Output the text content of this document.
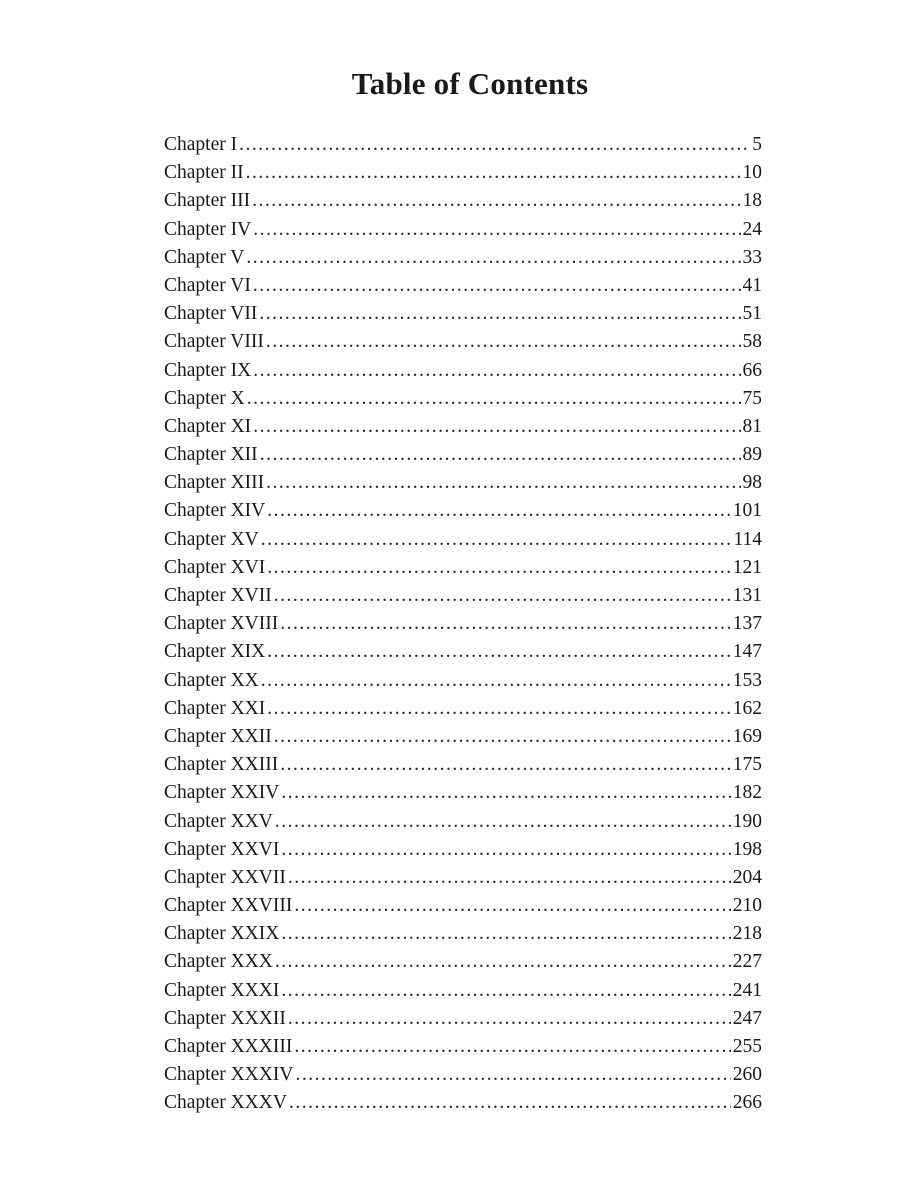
Table of Contents
Chapter I .....	5
Chapter II .....	10
Chapter III .....	18
Chapter IV .....	24
Chapter V .....	33
Chapter VI .....	41
Chapter VII .....	51
Chapter VIII .....	58
Chapter IX .....	66
Chapter X .....	75
Chapter XI .....	81
Chapter XII .....	89
Chapter XIII .....	98
Chapter XIV .....	101
Chapter XV .....	114
Chapter XVI .....	121
Chapter XVII .....	131
Chapter XVIII .....	137
Chapter XIX .....	147
Chapter XX .....	153
Chapter XXI .....	162
Chapter XXII .....	169
Chapter XXIII .....	175
Chapter XXIV .....	182
Chapter XXV .....	190
Chapter XXVI .....	198
Chapter XXVII .....	204
Chapter XXVIII .....	210
Chapter XXIX .....	218
Chapter XXX .....	227
Chapter XXXI .....	241
Chapter XXXII .....	247
Chapter XXXIII .....	255
Chapter XXXIV .....	260
Chapter XXXV .....	266
